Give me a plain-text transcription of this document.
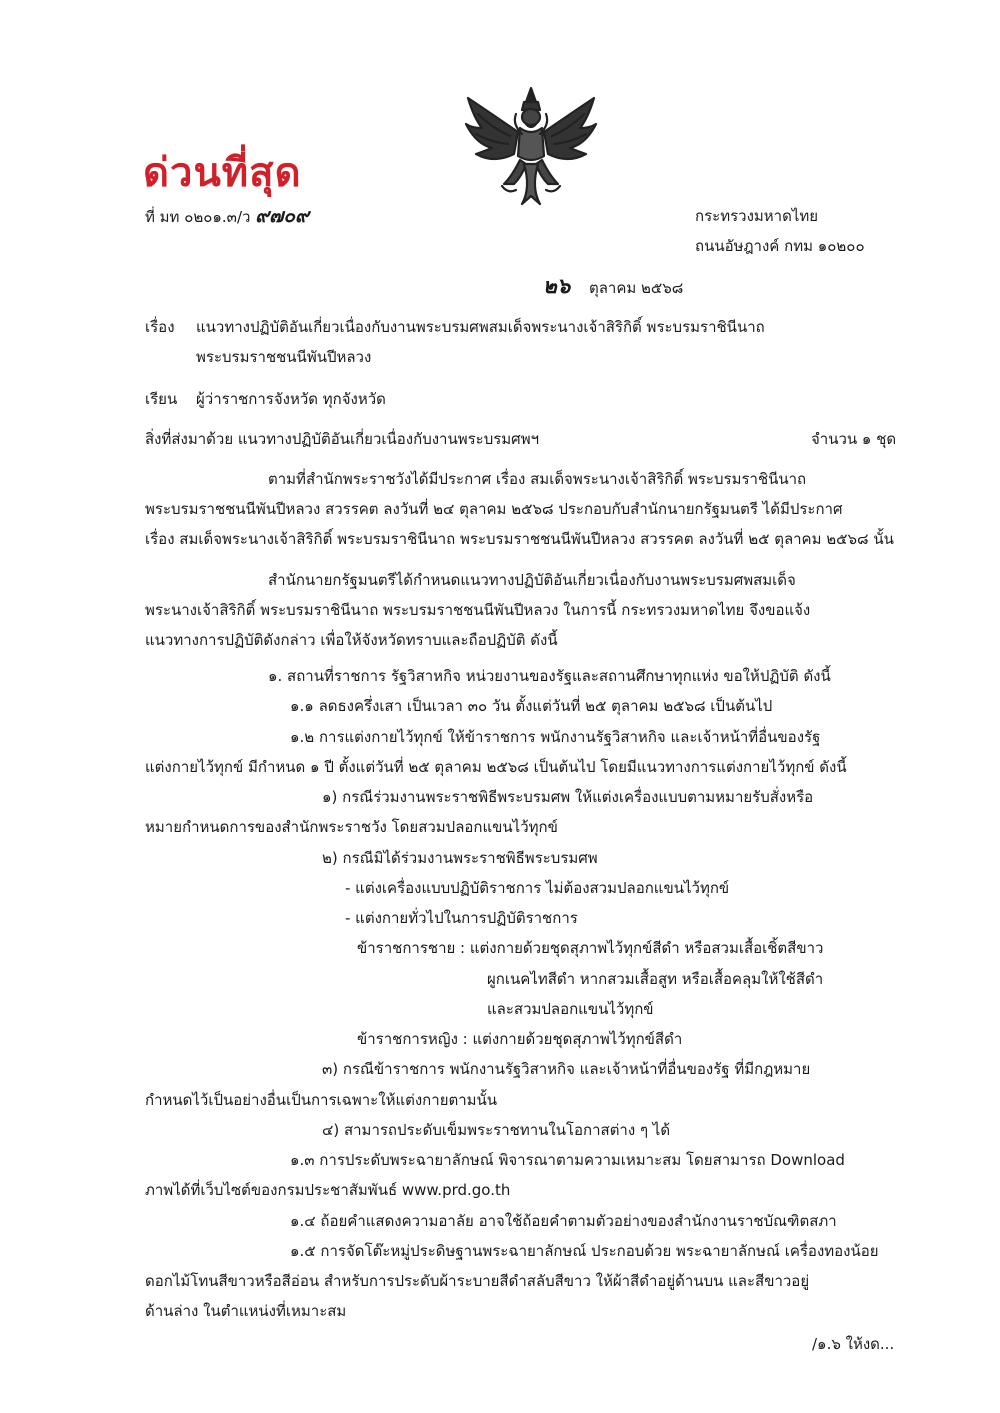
ด่วนที่สุด
ที่ มท ๐๒๐๑.๓/ว ๙๗๐๙	กระทรวงมหาดไทย
ถนนอัษฎางค์ กทม ๑๐๒๐๐
๒๖ ตุลาคม ๒๕๖๘
เรื่อง แนวทางปฏิบัติอันเกี่ยวเนื่องกับงานพระบรมศพสมเด็จพระนางเจ้าสิริกิติ์ พระบรมราชินีนาถ
พระบรมราชชนนีพันปีหลวง
เรียน ผู้ว่าราชการจังหวัด ทุกจังหวัด
สิ่งที่ส่งมาด้วย แนวทางปฏิบัติอันเกี่ยวเนื่องกับงานพระบรมศพฯ	จำนวน ๑ ชุด
ตามที่สำนักพระราชวังได้มีประกาศ เรื่อง สมเด็จพระนางเจ้าสิริกิติ์ พระบรมราชินีนาถ
พระบรมราชชนนีพันปีหลวง สวรรคต ลงวันที่ ๒๔ ตุลาคม ๒๕๖๘ ประกอบกับสำนักนายกรัฐมนตรี ได้มีประกาศ
เรื่อง สมเด็จพระนางเจ้าสิริกิติ์ พระบรมราชินีนาถ พระบรมราชชนนีพันปีหลวง สวรรคต ลงวันที่ ๒๕ ตุลาคม ๒๕๖๘ นั้น
สำนักนายกรัฐมนตรีได้กำหนดแนวทางปฏิบัติอันเกี่ยวเนื่องกับงานพระบรมศพสมเด็จ
พระนางเจ้าสิริกิติ์ พระบรมราชินีนาถ พระบรมราชชนนีพันปีหลวง ในการนี้ กระทรวงมหาดไทย จึงขอแจ้ง
แนวทางการปฏิบัติดังกล่าว เพื่อให้จังหวัดทราบและถือปฏิบัติ ดังนี้
๑. สถานที่ราชการ รัฐวิสาหกิจ หน่วยงานของรัฐและสถานศึกษาทุกแห่ง ขอให้ปฏิบัติ ดังนี้
๑.๑ ลดธงครึ่งเสา เป็นเวลา ๓๐ วัน ตั้งแต่วันที่ ๒๕ ตุลาคม ๒๕๖๘ เป็นต้นไป
๑.๒ การแต่งกายไว้ทุกข์ ให้ข้าราชการ พนักงานรัฐวิสาหกิจ และเจ้าหน้าที่อื่นของรัฐ
แต่งกายไว้ทุกข์ มีกำหนด ๑ ปี ตั้งแต่วันที่ ๒๕ ตุลาคม ๒๕๖๘ เป็นต้นไป โดยมีแนวทางการแต่งกายไว้ทุกข์ ดังนี้
๑) กรณีร่วมงานพระราชพิธีพระบรมศพ ให้แต่งเครื่องแบบตามหมายรับสั่งหรือ
หมายกำหนดการของสำนักพระราชวัง โดยสวมปลอกแขนไว้ทุกข์
๒) กรณีมิได้ร่วมงานพระราชพิธีพระบรมศพ
- แต่งเครื่องแบบปฏิบัติราชการ ไม่ต้องสวมปลอกแขนไว้ทุกข์
- แต่งกายทั่วไปในการปฏิบัติราชการ
ข้าราชการชาย : แต่งกายด้วยชุดสุภาพไว้ทุกข์สีดำ หรือสวมเสื้อเชิ้ตสีขาว
ผูกเนคไทสีดำ หากสวมเสื้อสูท หรือเสื้อคลุมให้ใช้สีดำ
และสวมปลอกแขนไว้ทุกข์
ข้าราชการหญิง : แต่งกายด้วยชุดสุภาพไว้ทุกข์สีดำ
๓) กรณีข้าราชการ พนักงานรัฐวิสาหกิจ และเจ้าหน้าที่อื่นของรัฐ ที่มีกฎหมาย
กำหนดไว้เป็นอย่างอื่นเป็นการเฉพาะให้แต่งกายตามนั้น
๔) สามารถประดับเข็มพระราชทานในโอกาสต่าง ๆ ได้
๑.๓ การประดับพระฉายาลักษณ์ พิจารณาตามความเหมาะสม โดยสามารถ Download
ภาพได้ที่เว็บไซต์ของกรมประชาสัมพันธ์ www.prd.go.th
๑.๔ ถ้อยคำแสดงความอาลัย อาจใช้ถ้อยคำตามตัวอย่างของสำนักงานราชบัณฑิตสภา
๑.๕ การจัดโต๊ะหมู่ประดิษฐานพระฉายาลักษณ์ ประกอบด้วย พระฉายาลักษณ์ เครื่องทองน้อย
ดอกไม้โทนสีขาวหรือสีอ่อน สำหรับการประดับผ้าระบายสีดำสลับสีขาว ให้ผ้าสีดำอยู่ด้านบน และสีขาวอยู่
ด้านล่าง ในตำแหน่งที่เหมาะสม
/๑.๖ ให้งด...
